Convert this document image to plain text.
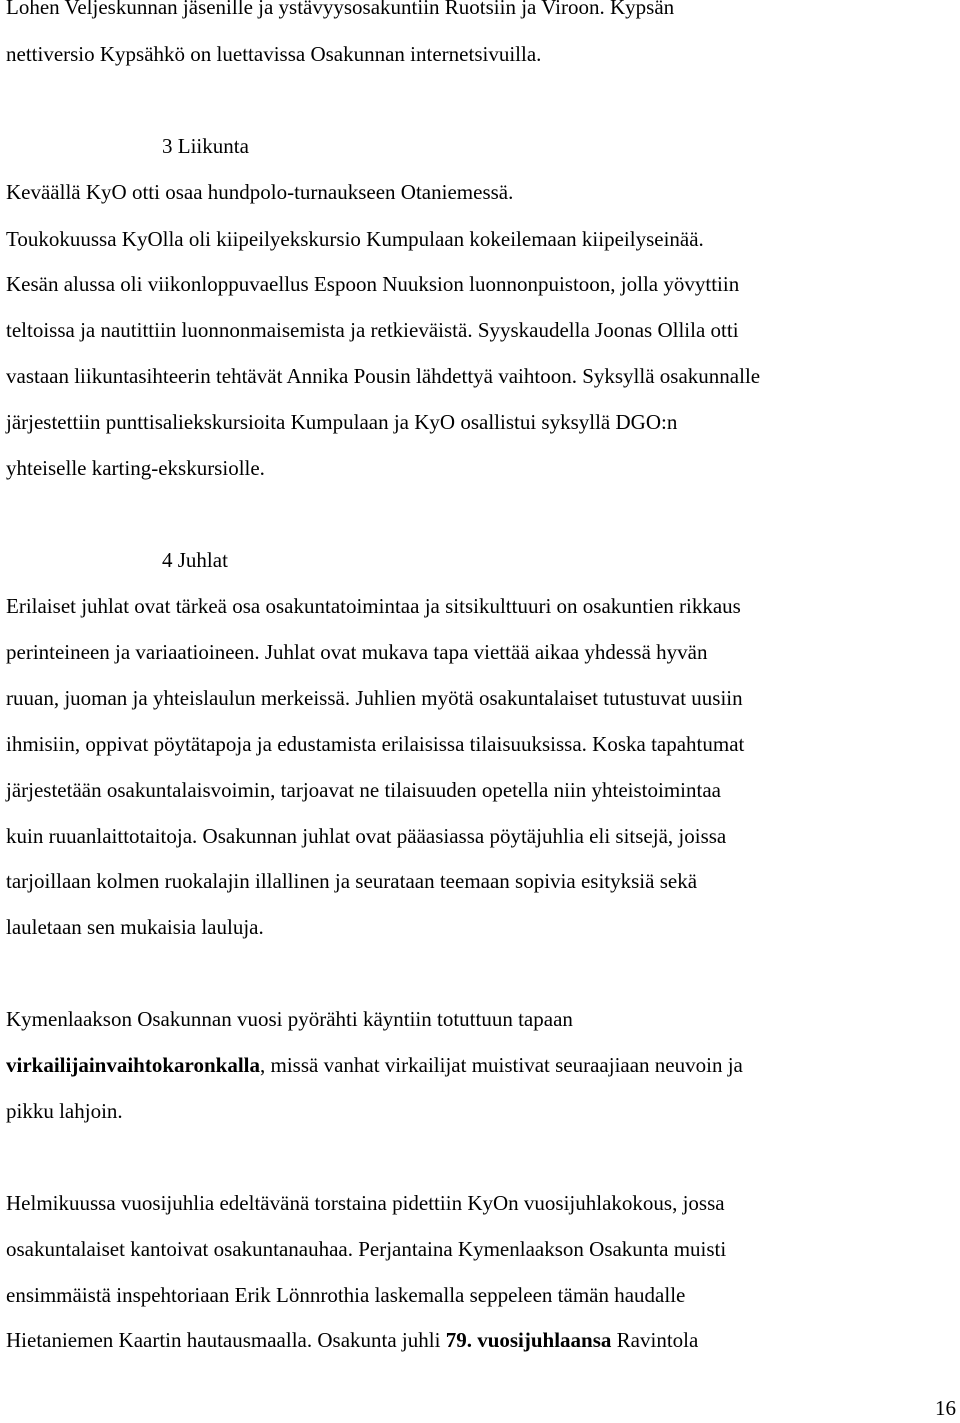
Lohen Veljeskunnan jäsenille ja ystävyysosakuntiin Ruotsiin ja Viroon. Kypsän
nettiversio Kypsähkö on luettavissa Osakunnan internetsivuilla.
3 Liikunta
Keväällä KyO otti osaa hundpolo-turnaukseen Otaniemessä.
Toukokuussa KyOlla oli kiipeilyekskursio Kumpulaan kokeilemaan kiipeilyseinää.
Kesän alussa oli viikonloppuvaellus Espoon Nuuksion luonnonpuistoon, jolla yövyttiin
teltoissa ja nautittiin luonnonmaisemista ja retkieväistä. Syyskaudella Joonas Ollila otti
vastaan liikuntasihteerin tehtävät Annika Pousin lähdettyä vaihtoon. Syksyllä osakunnalle
järjestettiin punttisaliekskursioita Kumpulaan ja KyO osallistui syksyllä DGO:n
yhteiselle karting-ekskursiolle.
4 Juhlat
Erilaiset juhlat ovat tärkeä osa osakuntatoimintaa ja sitsikulttuuri on osakuntien rikkaus
perinteineen ja variaatioineen. Juhlat ovat mukava tapa viettää aikaa yhdessä hyvän
ruuan, juoman ja yhteislaulun merkeissä. Juhlien myötä osakuntalaiset tutustuvat uusiin
ihmisiin, oppivat pöytätapoja ja edustamista erilaisissa tilaisuuksissa. Koska tapahtumat
järjestetään osakuntalaisvoimin, tarjoavat ne tilaisuuden opetella niin yhteistoimintaa
kuin ruuanlaittotaitoja. Osakunnan juhlat ovat pääasiassa pöytäjuhlia eli sitsejä, joissa
tarjoillaan kolmen ruokalajin illallinen ja seurataan teemaan sopivia esityksiä sekä
lauletaan sen mukaisia lauluja.
Kymenlaakson Osakunnan vuosi pyörähti käyntiin totuttuun tapaan
virkailijainvaihtokaronkalla, missä vanhat virkailijat muistivat seuraajiaan neuvoin ja
pikku lahjoin.
Helmikuussa vuosijuhlia edeltävänä torstaina pidettiin KyOn vuosijuhlakokous, jossa
osakuntalaiset kantoivat osakuntanauhaa. Perjantaina Kymenlaakson Osakunta muisti
ensimmäistä inspehtoriaan Erik Lönnrothia laskemalla seppeleen tämän haudalle
Hietaniemen Kaartin hautausmaalla. Osakunta juhli 79. vuosijuhlaansa Ravintola
16
